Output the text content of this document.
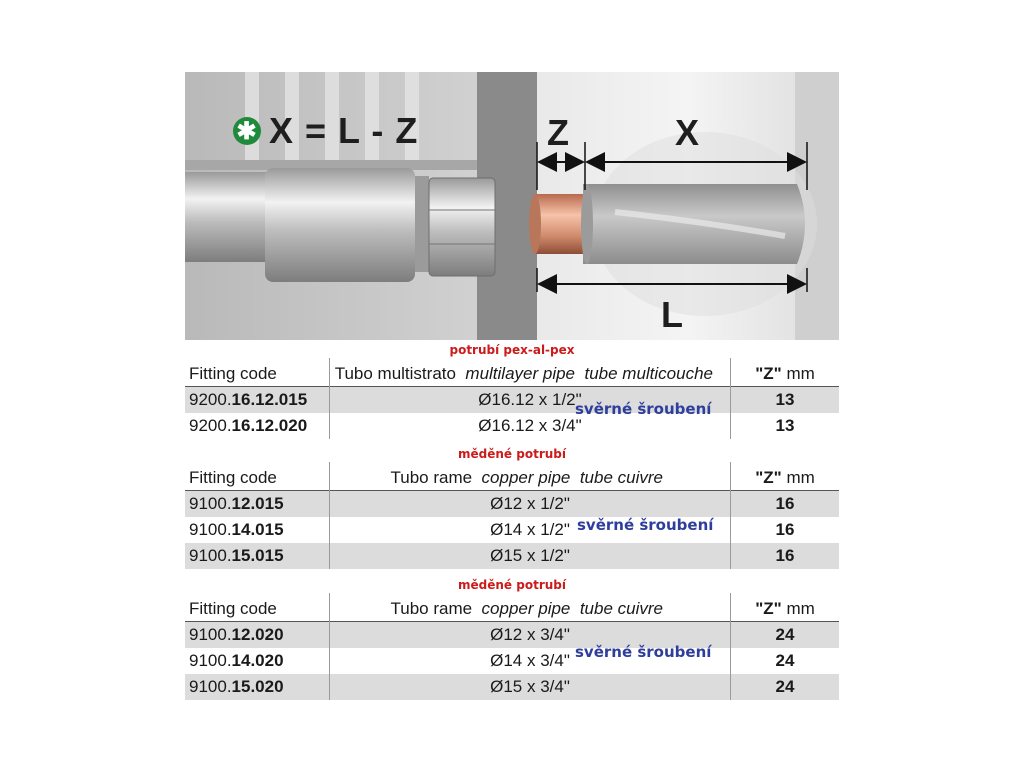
✱ X = L - Z	Z	X
L
potrubí pex-al-pex
Fitting code	Tubo multistrato multilayer pipe tube multicouche	"Z" mm
9200.16.12.015	Ø16.12 x 1/2"	13
9200.16.12.020	Ø16.12 x 3/4"	13
svěrné šroubení
měděné potrubí
Fitting code	Tubo rame copper pipe tube cuivre	"Z" mm
9100.12.015	Ø12 x 1/2"	16
9100.14.015	Ø14 x 1/2"	16
9100.15.015	Ø15 x 1/2"	16
svěrné šroubení
měděné potrubí
Fitting code	Tubo rame copper pipe tube cuivre	"Z" mm
9100.12.020	Ø12 x 3/4"	24
9100.14.020	Ø14 x 3/4"	24
9100.15.020	Ø15 x 3/4"	24
svěrné šroubení
